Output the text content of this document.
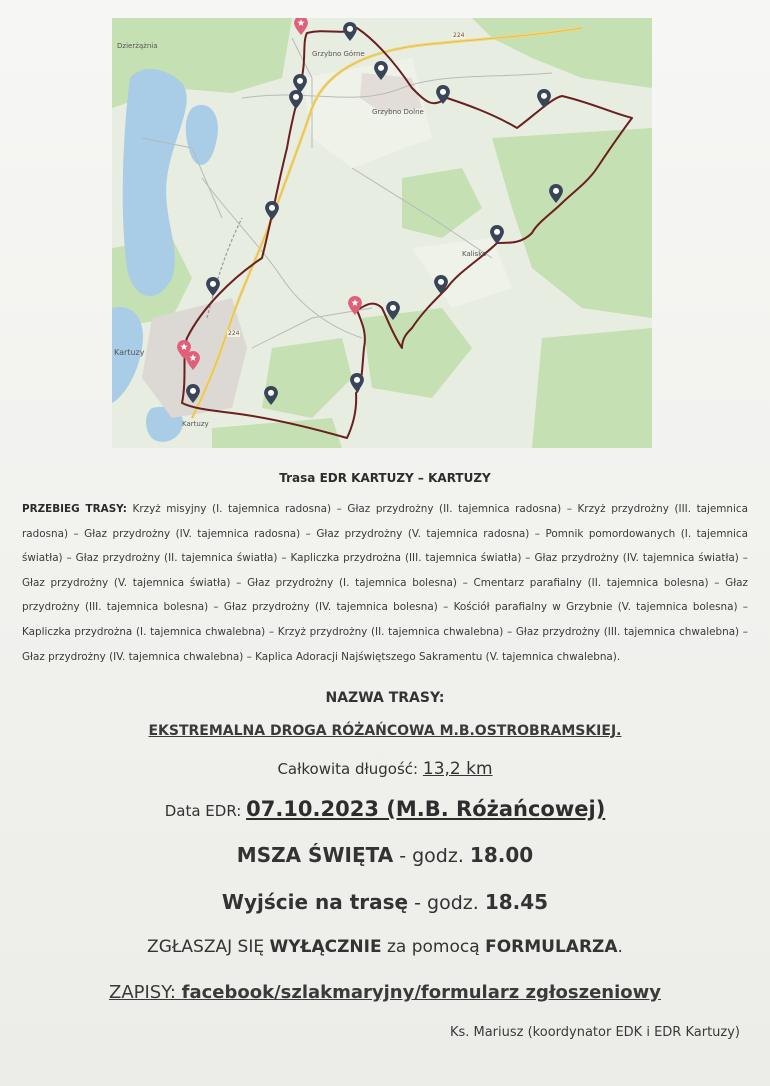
Grzybno Górne
Grzybno Dolne
Kalisko
Kartuzy
Kartuzy
Dzierżążnia
224
224
Trasa EDR KARTUZY – KARTUZY
PRZEBIEG TRASY: Krzyż misyjny (I. tajemnica radosna) – Głaz przydrożny (II. tajemnica radosna) – Krzyż przydrożny (III. tajemnica radosna) – Głaz przydrożny (IV. tajemnica radosna) – Głaz przydrożny (V. tajemnica radosna) – Pomnik pomordowanych (I. tajemnica światła) – Głaz przydrożny (II. tajemnica światła) – Kapliczka przydrożna (III. tajemnica światła) – Głaz przydrożny (IV. tajemnica światła) – Głaz przydrożny (V. tajemnica światła) – Głaz przydrożny (I. tajemnica bolesna) – Cmentarz parafialny (II. tajemnica bolesna) – Głaz przydrożny (III. tajemnica bolesna) – Głaz przydrożny (IV. tajemnica bolesna) – Kościół parafialny w Grzybnie (V. tajemnica bolesna) – Kapliczka przydrożna (I. tajemnica chwalebna) – Krzyż przydrożny (II. tajemnica chwalebna) – Głaz przydrożny (III. tajemnica chwalebna) – Głaz przydrożny (IV. tajemnica chwalebna) – Kaplica Adoracji Najświętszego Sakramentu (V. tajemnica chwalebna).
NAZWA TRASY:
EKSTREMALNA DROGA RÓŻAŃCOWA M.B.OSTROBRAMSKIEJ.
Całkowita długość: 13,2 km
Data EDR: 07.10.2023 (M.B. Różańcowej)
MSZA ŚWIĘTA - godz. 18.00
Wyjście na trasę - godz. 18.45
ZGŁASZAJ SIĘ WYŁĄCZNIE za pomocą FORMULARZA.
ZAPISY: facebook/szlakmaryjny/formularz zgłoszeniowy
Ks. Mariusz (koordynator EDK i EDR Kartuzy)
